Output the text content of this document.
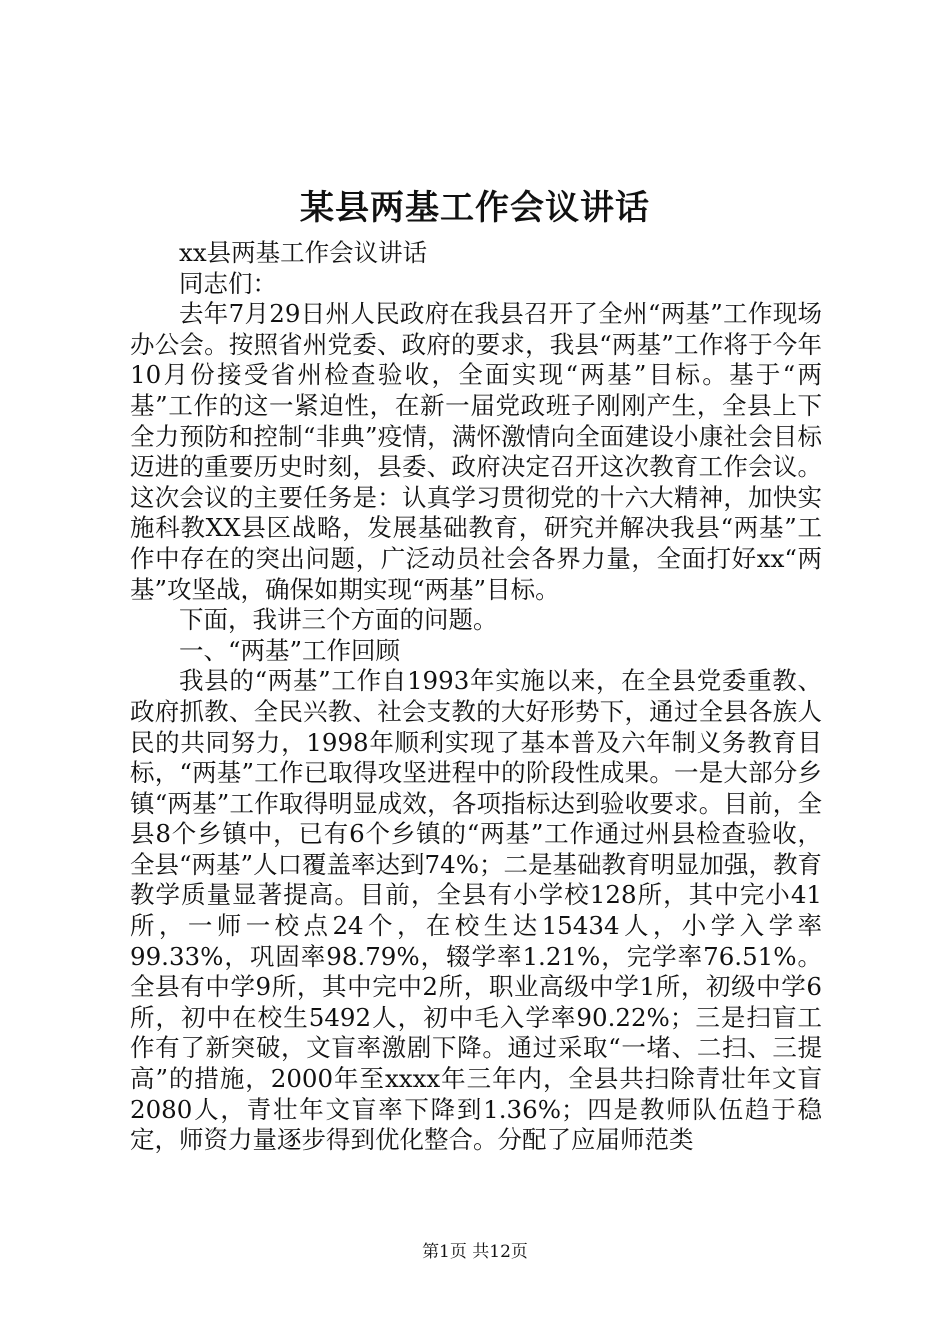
某县两基工作会议讲话

xx县两基工作会议讲话

同志们：

去年7月29日州人民政府在我县召开了全州“两基”工作现场办公会。按照省州党委、政府的要求，我县“两基”工作将于今年10月份接受省州检查验收，全面实现“两基”目标。基于“两基”工作的这一紧迫性，在新一届党政班子刚刚产生，全县上下全力预防和控制“非典”疫情，满怀激情向全面建设小康社会目标迈进的重要历史时刻，县委、政府决定召开这次教育工作会议。这次会议的主要任务是：认真学习贯彻党的十六大精神，加快实施科教XX县区战略，发展基础教育，研究并解决我县“两基”工作中存在的突出问题，广泛动员社会各界力量，全面打好xx“两基”攻坚战，确保如期实现“两基”目标。

下面，我讲三个方面的问题。

一、“两基”工作回顾

我县的“两基”工作自1993年实施以来，在全县党委重教、政府抓教、全民兴教、社会支教的大好形势下，通过全县各族人民的共同努力，1998年顺利实现了基本普及六年制义务教育目标，“两基”工作已取得攻坚进程中的阶段性成果。一是大部分乡镇“两基”工作取得明显成效，各项指标达到验收要求。目前，全县8个乡镇中，已有6个乡镇的“两基”工作通过州县检查验收，全县“两基”人口覆盖率达到74%；二是基础教育明显加强，教育教学质量显著提高。目前，全县有小学校128所，其中完小41所，一师一校点24个，在校生达15434人，小学入学率99.33%，巩固率98.79%，辍学率1.21%，完学率76.51%。全县有中学9所，其中完中2所，职业高级中学1所，初级中学6所，初中在校生5492人，初中毛入学率90.22%；三是扫盲工作有了新突破，文盲率激剧下降。通过采取“一堵、二扫、三提高”的措施，2000年至xxxx年三年内，全县共扫除青壮年文盲2080人，青壮年文盲率下降到1.36%；四是教师队伍趋于稳定，师资力量逐步得到优化整合。分配了应届师范类

第1页 共12页
